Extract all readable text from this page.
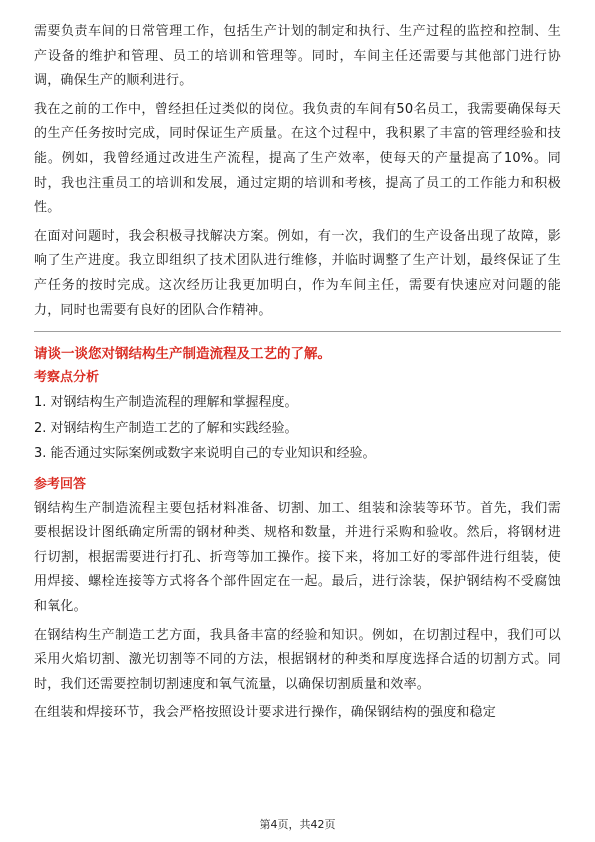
需要负责车间的日常管理工作，包括生产计划的制定和执行、生产过程的监控和控制、生产设备的维护和管理、员工的培训和管理等。同时，车间主任还需要与其他部门进行协调，确保生产的顺利进行。

我在之前的工作中，曾经担任过类似的岗位。我负责的车间有50名员工，我需要确保每天的生产任务按时完成，同时保证生产质量。在这个过程中，我积累了丰富的管理经验和技能。例如，我曾经通过改进生产流程，提高了生产效率，使每天的产量提高了10%。同时，我也注重员工的培训和发展，通过定期的培训和考核，提高了员工的工作能力和积极性。

在面对问题时，我会积极寻找解决方案。例如，有一次，我们的生产设备出现了故障，影响了生产进度。我立即组织了技术团队进行维修，并临时调整了生产计划，最终保证了生产任务的按时完成。这次经历让我更加明白，作为车间主任，需要有快速应对问题的能力，同时也需要有良好的团队合作精神。

请谈一谈您对钢结构生产制造流程及工艺的了解。

考察点分析

1. 对钢结构生产制造流程的理解和掌握程度。

2. 对钢结构生产制造工艺的了解和实践经验。

3. 能否通过实际案例或数字来说明自己的专业知识和经验。

参考回答

钢结构生产制造流程主要包括材料准备、切割、加工、组装和涂装等环节。首先，我们需要根据设计图纸确定所需的钢材种类、规格和数量，并进行采购和验收。然后，将钢材进行切割，根据需要进行打孔、折弯等加工操作。接下来，将加工好的零部件进行组装，使用焊接、螺栓连接等方式将各个部件固定在一起。最后，进行涂装，保护钢结构不受腐蚀和氧化。

在钢结构生产制造工艺方面，我具备丰富的经验和知识。例如，在切割过程中，我们可以采用火焰切割、激光切割等不同的方法，根据钢材的种类和厚度选择合适的切割方式。同时，我们还需要控制切割速度和氧气流量，以确保切割质量和效率。

在组装和焊接环节，我会严格按照设计要求进行操作，确保钢结构的强度和稳定

第4页，共42页
